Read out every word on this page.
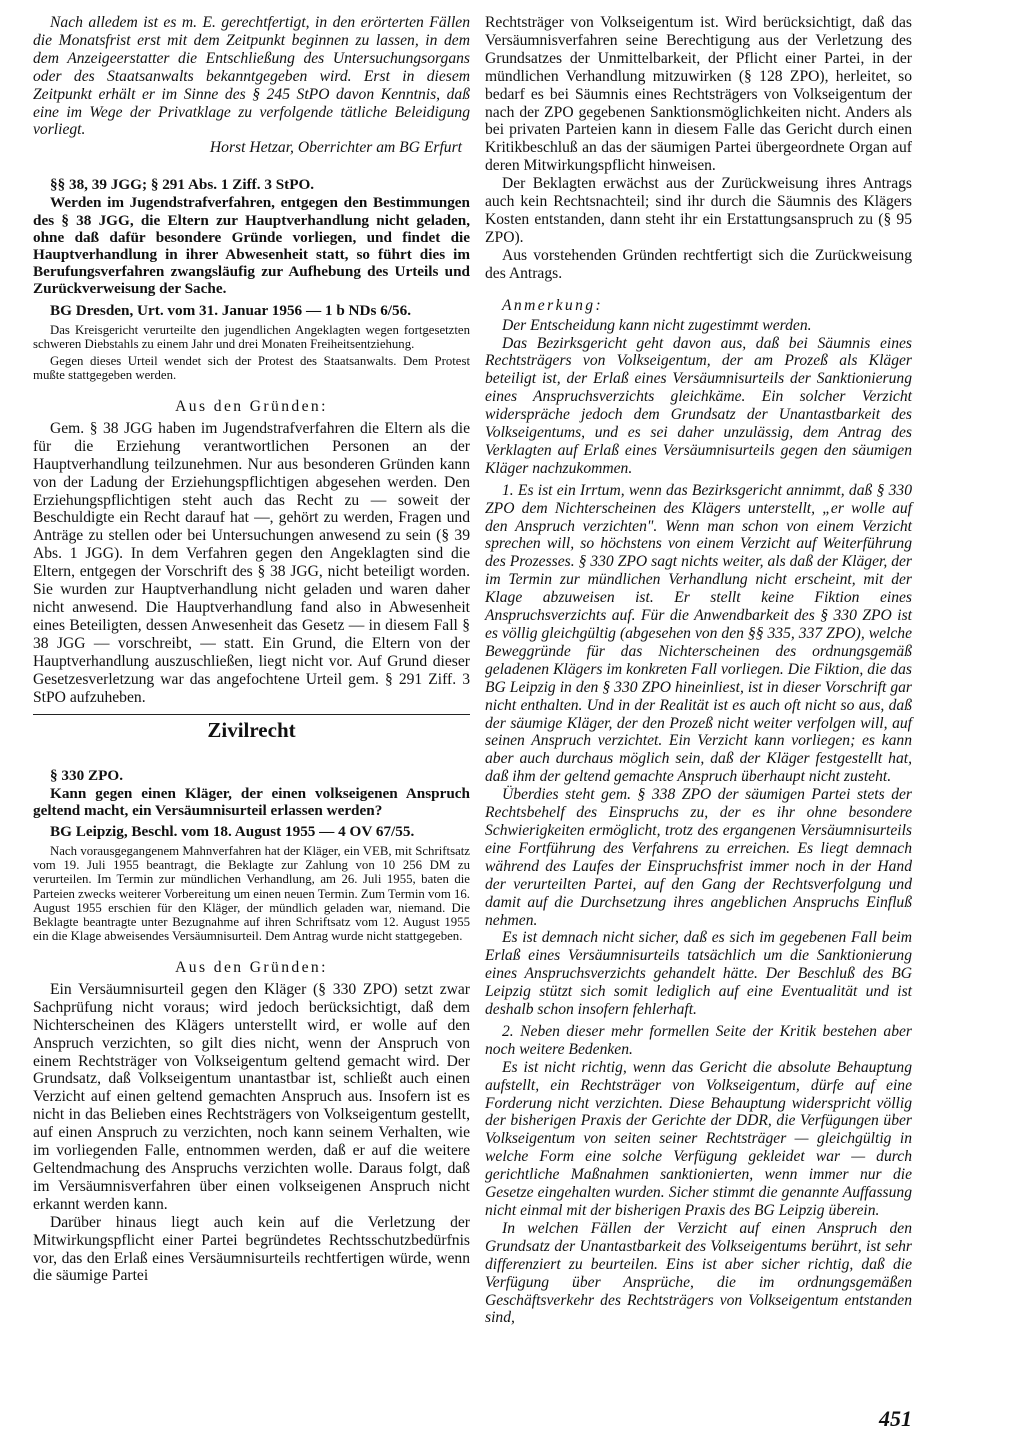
Nach alledem ist es m. E. gerechtfertigt, in den erörterten Fällen die Monatsfrist erst mit dem Zeitpunkt beginnen zu lassen, in dem dem Anzeigeerstatter die Entschließung des Untersuchungsorgans oder des Staatsanwalts bekanntgegeben wird. Erst in diesem Zeitpunkt erhält er im Sinne des § 245 StPO davon Kenntnis, daß eine im Wege der Privatklage zu verfolgende tätliche Beleidigung vorliegt.

Horst Hetzar, Oberrichter am BG Erfurt

§§ 38, 39 JGG; § 291 Abs. 1 Ziff. 3 StPO.

Werden im Jugendstrafverfahren, entgegen den Bestimmungen des § 38 JGG, die Eltern zur Hauptverhandlung nicht geladen, ohne daß dafür besondere Gründe vorliegen, und findet die Hauptverhandlung in ihrer Abwesenheit statt, so führt dies im Berufungsverfahren zwangsläufig zur Aufhebung des Urteils und Zurückverweisung der Sache.

BG Dresden, Urt. vom 31. Januar 1956 — 1 b NDs 6/56.

Das Kreisgericht verurteilte den jugendlichen Angeklagten wegen fortgesetzten schweren Diebstahls zu einem Jahr und drei Monaten Freiheitsentziehung.

Gegen dieses Urteil wendet sich der Protest des Staatsanwalts. Dem Protest mußte stattgegeben werden.

Aus den Gründen:

Gem. § 38 JGG haben im Jugendstrafverfahren die Eltern als die für die Erziehung verantwortlichen Personen an der Hauptverhandlung teilzunehmen. Nur aus besonderen Gründen kann von der Ladung der Erziehungspflichtigen abgesehen werden. Den Erziehungspflichtigen steht auch das Recht zu — soweit der Beschuldigte ein Recht darauf hat —, gehört zu werden, Fragen und Anträge zu stellen oder bei Untersuchungen anwesend zu sein (§ 39 Abs. 1 JGG). In dem Verfahren gegen den Angeklagten sind die Eltern, entgegen der Vorschrift des § 38 JGG, nicht beteiligt worden. Sie wurden zur Hauptverhandlung nicht geladen und waren daher nicht anwesend. Die Hauptverhandlung fand also in Abwesenheit eines Beteiligten, dessen Anwesenheit das Gesetz — in diesem Fall § 38 JGG — vorschreibt, — statt. Ein Grund, die Eltern von der Hauptverhandlung auszuschließen, liegt nicht vor. Auf Grund dieser Gesetzesverletzung war das angefochtene Urteil gem. § 291 Ziff. 3 StPO aufzuheben.

Zivilrecht

§ 330 ZPO.

Kann gegen einen Kläger, der einen volkseigenen Anspruch geltend macht, ein Versäumnisurteil erlassen werden?

BG Leipzig, Beschl. vom 18. August 1955 — 4 OV 67/55.

Nach vorausgegangenem Mahnverfahren hat der Kläger, ein VEB, mit Schriftsatz vom 19. Juli 1955 beantragt, die Beklagte zur Zahlung von 10 256 DM zu verurteilen. Im Termin zur mündlichen Verhandlung, am 26. Juli 1955, baten die Parteien zwecks weiterer Vorbereitung um einen neuen Termin. Zum Termin vom 16. August 1955 erschien für den Kläger, der mündlich geladen war, niemand. Die Beklagte beantragte unter Bezugnahme auf ihren Schriftsatz vom 12. August 1955 ein die Klage abweisendes Versäumnisurteil. Dem Antrag wurde nicht stattgegeben.

Aus den Gründen:

Ein Versäumnisurteil gegen den Kläger (§ 330 ZPO) setzt zwar Sachprüfung nicht voraus; wird jedoch berücksichtigt, daß dem Nichterscheinen des Klägers unterstellt wird, er wolle auf den Anspruch verzichten, so gilt dies nicht, wenn der Anspruch von einem Rechtsträger von Volkseigentum geltend gemacht wird. Der Grundsatz, daß Volkseigentum unantastbar ist, schließt auch einen Verzicht auf einen geltend gemachten Anspruch aus. Insofern ist es nicht in das Belieben eines Rechtsträgers von Volkseigentum gestellt, auf einen Anspruch zu verzichten, noch kann seinem Verhalten, wie im vorliegenden Falle, entnommen werden, daß er auf die weitere Geltendmachung des Anspruchs verzichten wolle. Daraus folgt, daß im Versäumnisverfahren über einen volkseigenen Anspruch nicht erkannt werden kann.

Darüber hinaus liegt auch kein auf die Verletzung der Mitwirkungspflicht einer Partei begründetes Rechtsschutzbedürfnis vor, das den Erlaß eines Versäumnisurteils rechtfertigen würde, wenn die säumige Partei

Rechtsträger von Volkseigentum ist. Wird berücksichtigt, daß das Versäumnisverfahren seine Berechtigung aus der Verletzung des Grundsatzes der Unmittelbarkeit, der Pflicht einer Partei, in der mündlichen Verhandlung mitzuwirken (§ 128 ZPO), herleitet, so bedarf es bei Säumnis eines Rechtsträgers von Volkseigentum der nach der ZPO gegebenen Sanktionsmöglichkeiten nicht. Anders als bei privaten Parteien kann in diesem Falle das Gericht durch einen Kritikbeschluß an das der säumigen Partei übergeordnete Organ auf deren Mitwirkungspflicht hinweisen.

Der Beklagten erwächst aus der Zurückweisung ihres Antrags auch kein Rechtsnachteil; sind ihr durch die Säumnis des Klägers Kosten entstanden, dann steht ihr ein Erstattungsanspruch zu (§ 95 ZPO).

Aus vorstehenden Gründen rechtfertigt sich die Zurückweisung des Antrags.

Anmerkung:

Der Entscheidung kann nicht zugestimmt werden.

Das Bezirksgericht geht davon aus, daß bei Säumnis eines Rechtsträgers von Volkseigentum, der am Prozeß als Kläger beteiligt ist, der Erlaß eines Versäumnisurteils der Sanktionierung eines Anspruchsverzichts gleichkäme. Ein solcher Verzicht widerspräche jedoch dem Grundsatz der Unantastbarkeit des Volkseigentums, und es sei daher unzulässig, dem Antrag des Verklagten auf Erlaß eines Versäumnisurteils gegen den säumigen Kläger nachzukommen.

1. Es ist ein Irrtum, wenn das Bezirksgericht annimmt, daß § 330 ZPO dem Nichterscheinen des Klägers unterstellt, „er wolle auf den Anspruch verzichten". Wenn man schon von einem Verzicht sprechen will, so höchstens von einem Verzicht auf Weiterführung des Prozesses. § 330 ZPO sagt nichts weiter, als daß der Kläger, der im Termin zur mündlichen Verhandlung nicht erscheint, mit der Klage abzuweisen ist. Er stellt keine Fiktion eines Anspruchsverzichts auf. Für die Anwendbarkeit des § 330 ZPO ist es völlig gleichgültig (abgesehen von den §§ 335, 337 ZPO), welche Beweggründe für das Nichterscheinen des ordnungsgemäß geladenen Klägers im konkreten Fall vorliegen. Die Fiktion, die das BG Leipzig in den § 330 ZPO hineinliest, ist in dieser Vorschrift gar nicht enthalten. Und in der Realität ist es auch oft nicht so aus, daß der säumige Kläger, der den Prozeß nicht weiter verfolgen will, auf seinen Anspruch verzichtet. Ein Verzicht kann vorliegen; es kann aber auch durchaus möglich sein, daß der Kläger festgestellt hat, daß ihm der geltend gemachte Anspruch überhaupt nicht zusteht.

Überdies steht gem. § 338 ZPO der säumigen Partei stets der Rechtsbehelf des Einspruchs zu, der es ihr ohne besondere Schwierigkeiten ermöglicht, trotz des ergangenen Versäumnisurteils eine Fortführung des Verfahrens zu erreichen. Es liegt demnach während des Laufes der Einspruchsfrist immer noch in der Hand der verurteilten Partei, auf den Gang der Rechtsverfolgung und damit auf die Durchsetzung ihres angeblichen Anspruchs Einfluß nehmen.

Es ist demnach nicht sicher, daß es sich im gegebenen Fall beim Erlaß eines Versäumnisurteils tatsächlich um die Sanktionierung eines Anspruchsverzichts gehandelt hätte. Der Beschluß des BG Leipzig stützt sich somit lediglich auf eine Eventualität und ist deshalb schon insofern fehlerhaft.

2. Neben dieser mehr formellen Seite der Kritik bestehen aber noch weitere Bedenken.

Es ist nicht richtig, wenn das Gericht die absolute Behauptung aufstellt, ein Rechtsträger von Volkseigentum, dürfe auf eine Forderung nicht verzichten. Diese Behauptung widerspricht völlig der bisherigen Praxis der Gerichte der DDR, die Verfügungen über Volkseigentum von seiten seiner Rechtsträger — gleichgültig in welche Form eine solche Verfügung gekleidet war — durch gerichtliche Maßnahmen sanktionierten, wenn immer nur die Gesetze eingehalten wurden. Sicher stimmt die genannte Auffassung nicht einmal mit der bisherigen Praxis des BG Leipzig überein.

In welchen Fällen der Verzicht auf einen Anspruch den Grundsatz der Unantastbarkeit des Volkseigentums berührt, ist sehr differenziert zu beurteilen. Eins ist aber sicher richtig, daß die Verfügung über Ansprüche, die im ordnungsgemäßen Geschäftsverkehr des Rechtsträgers von Volkseigentum entstanden sind,

451
